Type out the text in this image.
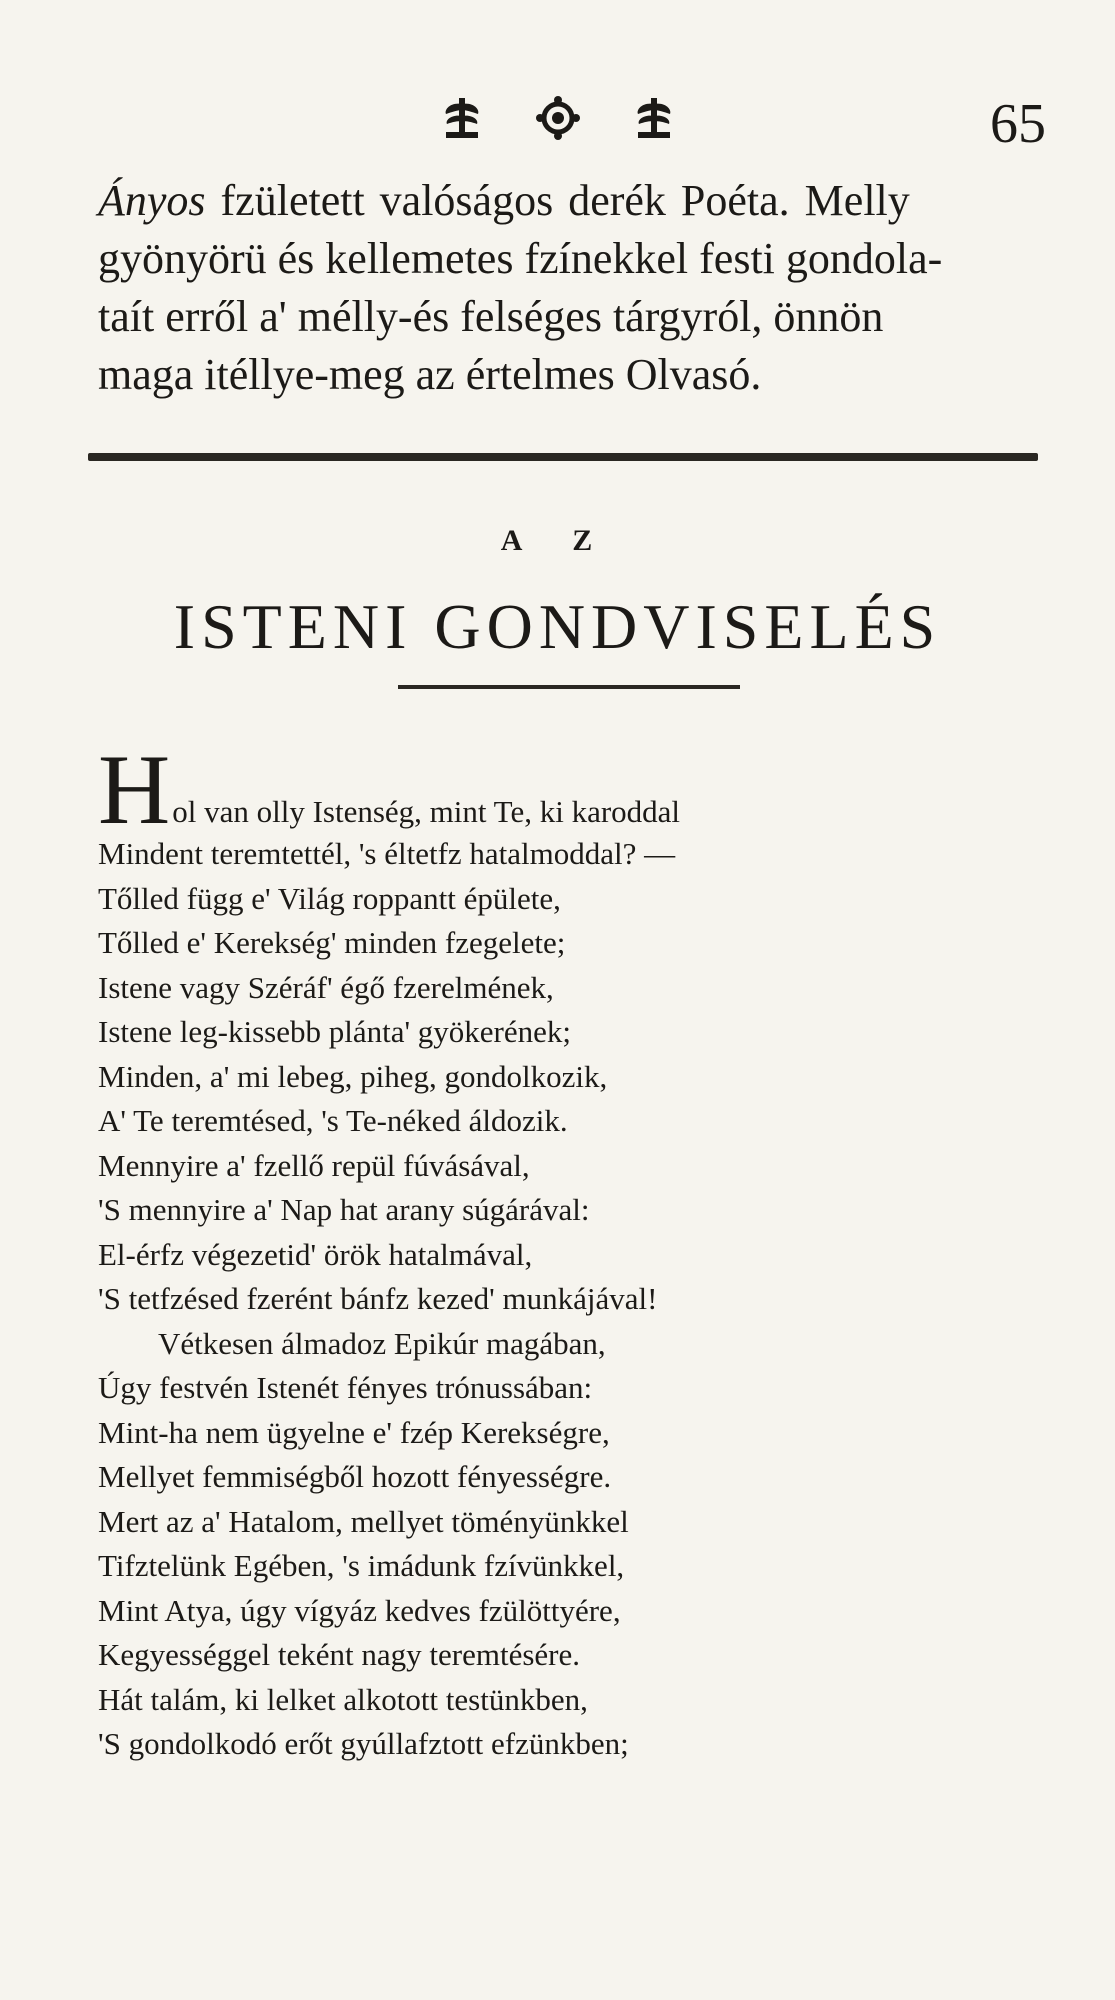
65

Ányos fzületett valóságos derék Poéta. Melly

gyönyörü és kellemetes fzínekkel festi gondola-

taít erről a' mélly-és felséges tárgyról, önnön

maga itéllye-meg az értelmes Olvasó.

A Z
ISTENI GONDVISELÉS
H ol van olly Istenség, mint Te, ki karoddal
Mindent teremtettél, 's éltetfz hatalmoddal? —
Tőlled függ e' Világ roppantt épülete,
Tőlled e' Kerekség' minden fzegelete;
Istene vagy Széráf' égő fzerelmének,
Istene leg-kissebb plánta' gyökerének;
Minden, a' mi lebeg, piheg, gondolkozik,
A' Te teremtésed, 's Te-néked áldozik.
Mennyire a' fzellő repül fúvásával,
'S mennyire a' Nap hat arany súgárával:
El-érfz végezetid' örök hatalmával,
'S tetfzésed fzerént bánfz kezed' munkájával!
Vétkesen álmadoz Epikúr magában,
Úgy festvén Istenét fényes trónussában:
Mint-ha nem ügyelne e' fzép Kerekségre,
Mellyet femmiségből hozott fényességre.
Mert az a' Hatalom, mellyet töményünkkel
Tifztelünk Egében, 's imádunk fzívünkkel,
Mint Atya, úgy vígyáz kedves fzülöttyére,
Kegyességgel teként nagy teremtésére.
Hát talám, ki lelket alkotott testünkben,
'S gondolkodó erőt gyúllafztott efzünkben;
